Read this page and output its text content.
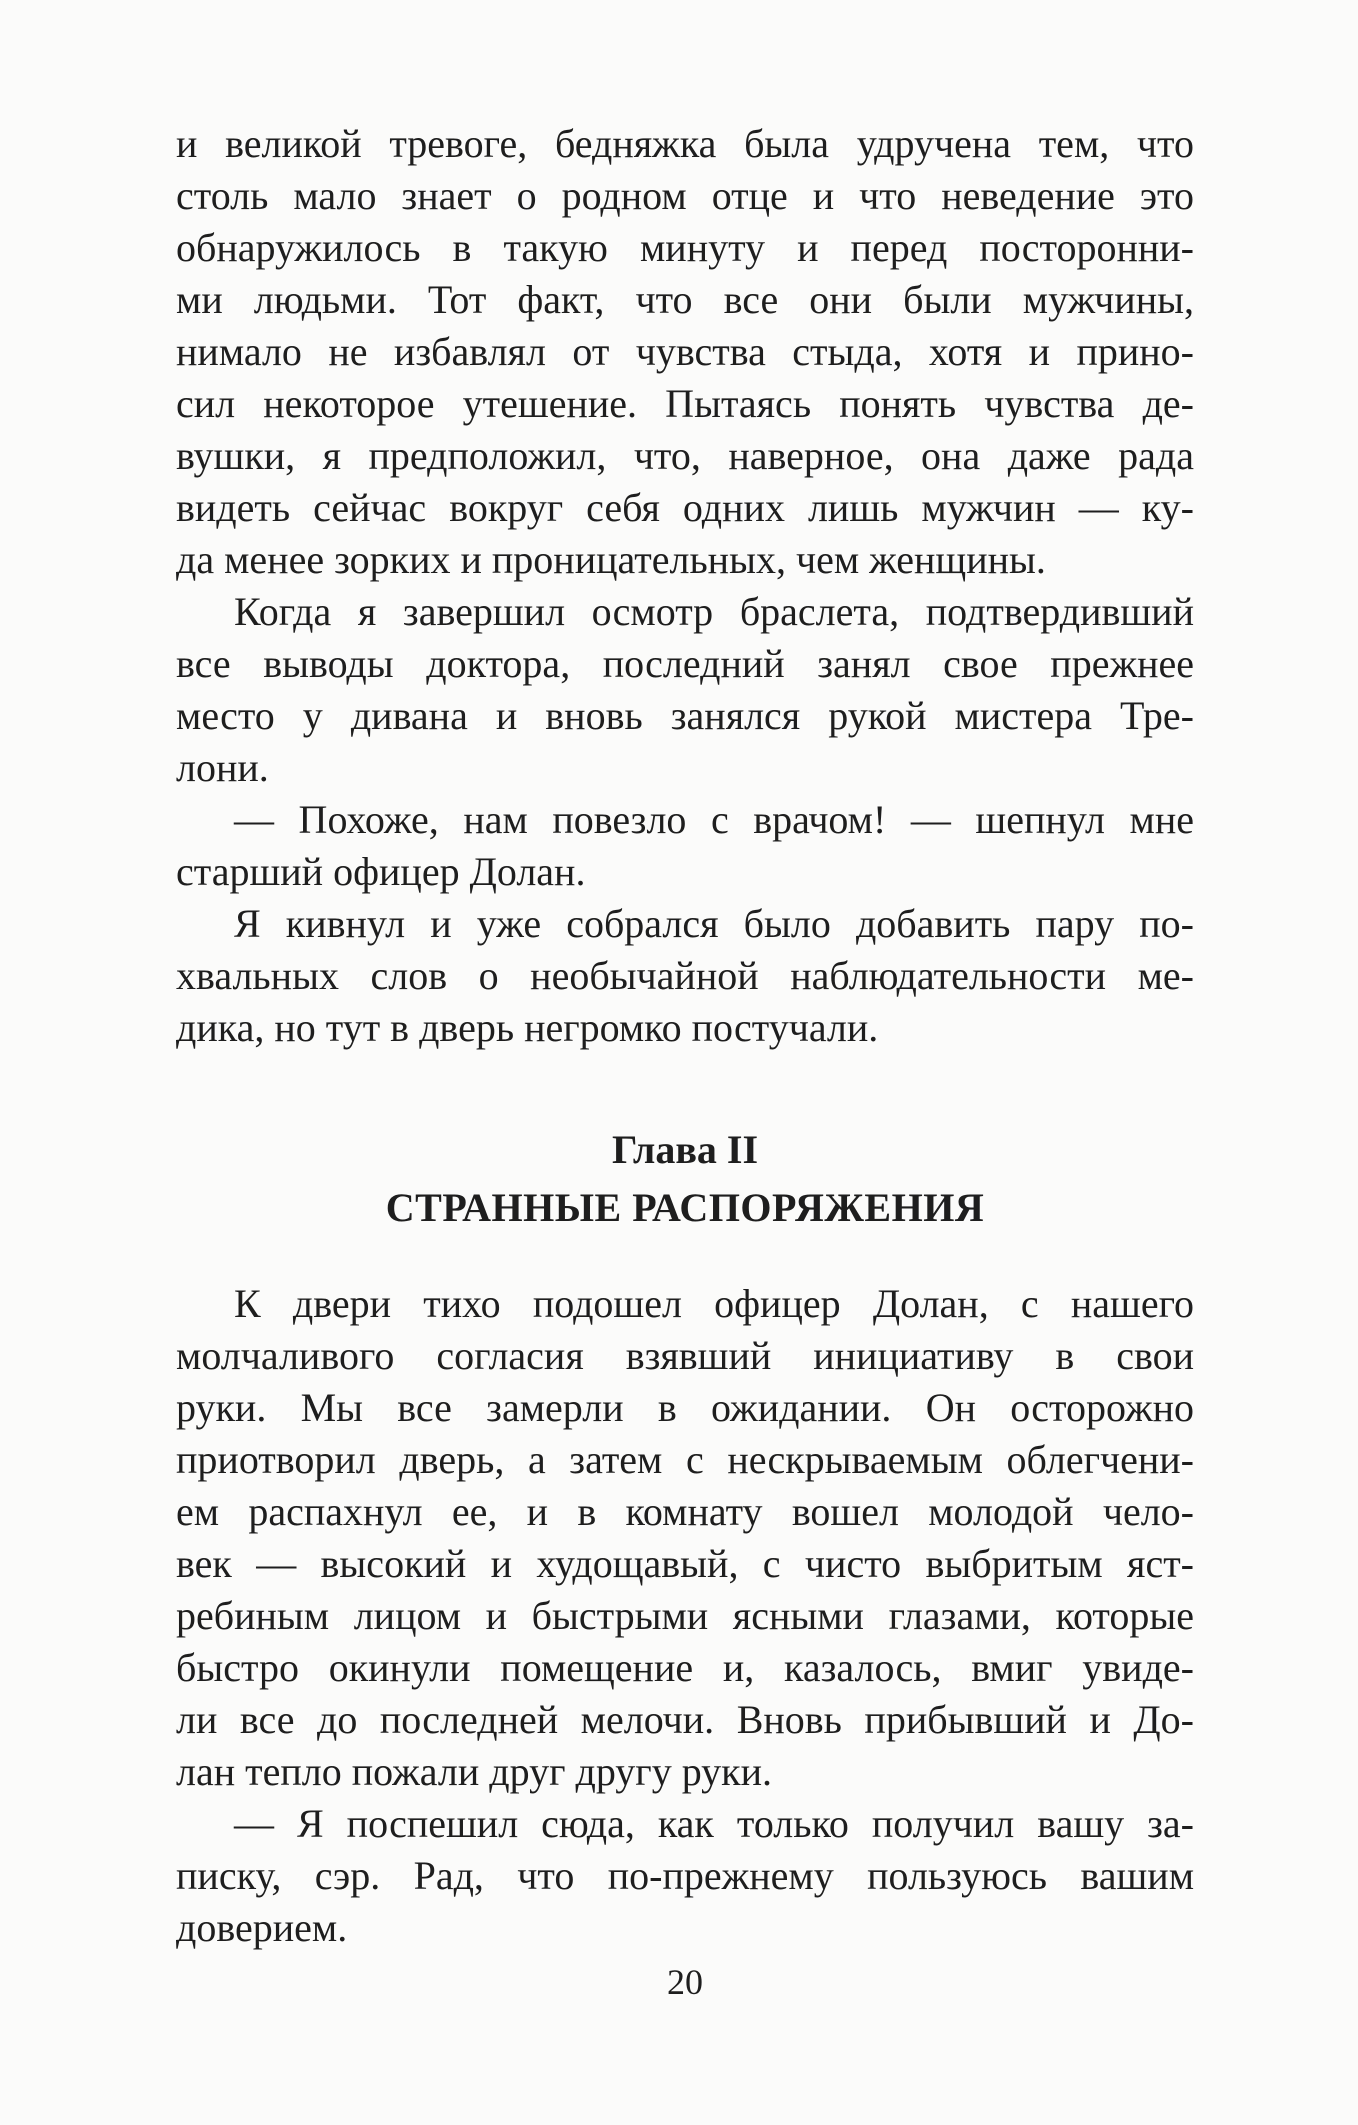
и великой тревоге, бедняжка была удручена тем, что
столь мало знает о родном отце и что неведение это
обнаружилось в такую минуту и перед посторонни-
ми людьми. Тот факт, что все они были мужчины,
нимало не избавлял от чувства стыда, хотя и прино-
сил некоторое утешение. Пытаясь понять чувства де-
вушки, я предположил, что, наверное, она даже рада
видеть сейчас вокруг себя одних лишь мужчин — ку-
да менее зорких и проницательных, чем женщины.
Когда я завершил осмотр браслета, подтвердивший
все выводы доктора, последний занял свое прежнее
место у дивана и вновь занялся рукой мистера Тре-
лони.
— Похоже, нам повезло с врачом! — шепнул мне
старший офицер Долан.
Я кивнул и уже собрался было добавить пару по-
хвальных слов о необычайной наблюдательности ме-
дика, но тут в дверь негромко постучали.
Глава II
СТРАННЫЕ РАСПОРЯЖЕНИЯ
К двери тихо подошел офицер Долан, с нашего
молчаливого согласия взявший инициативу в свои
руки. Мы все замерли в ожидании. Он осторожно
приотворил дверь, а затем с нескрываемым облегчени-
ем распахнул ее, и в комнату вошел молодой чело-
век — высокий и худощавый, с чисто выбритым яст-
ребиным лицом и быстрыми ясными глазами, которые
быстро окинули помещение и, казалось, вмиг увиде-
ли все до последней мелочи. Вновь прибывший и До-
лан тепло пожали друг другу руки.
— Я поспешил сюда, как только получил вашу за-
писку, сэр. Рад, что по-прежнему пользуюсь вашим
доверием.
20
